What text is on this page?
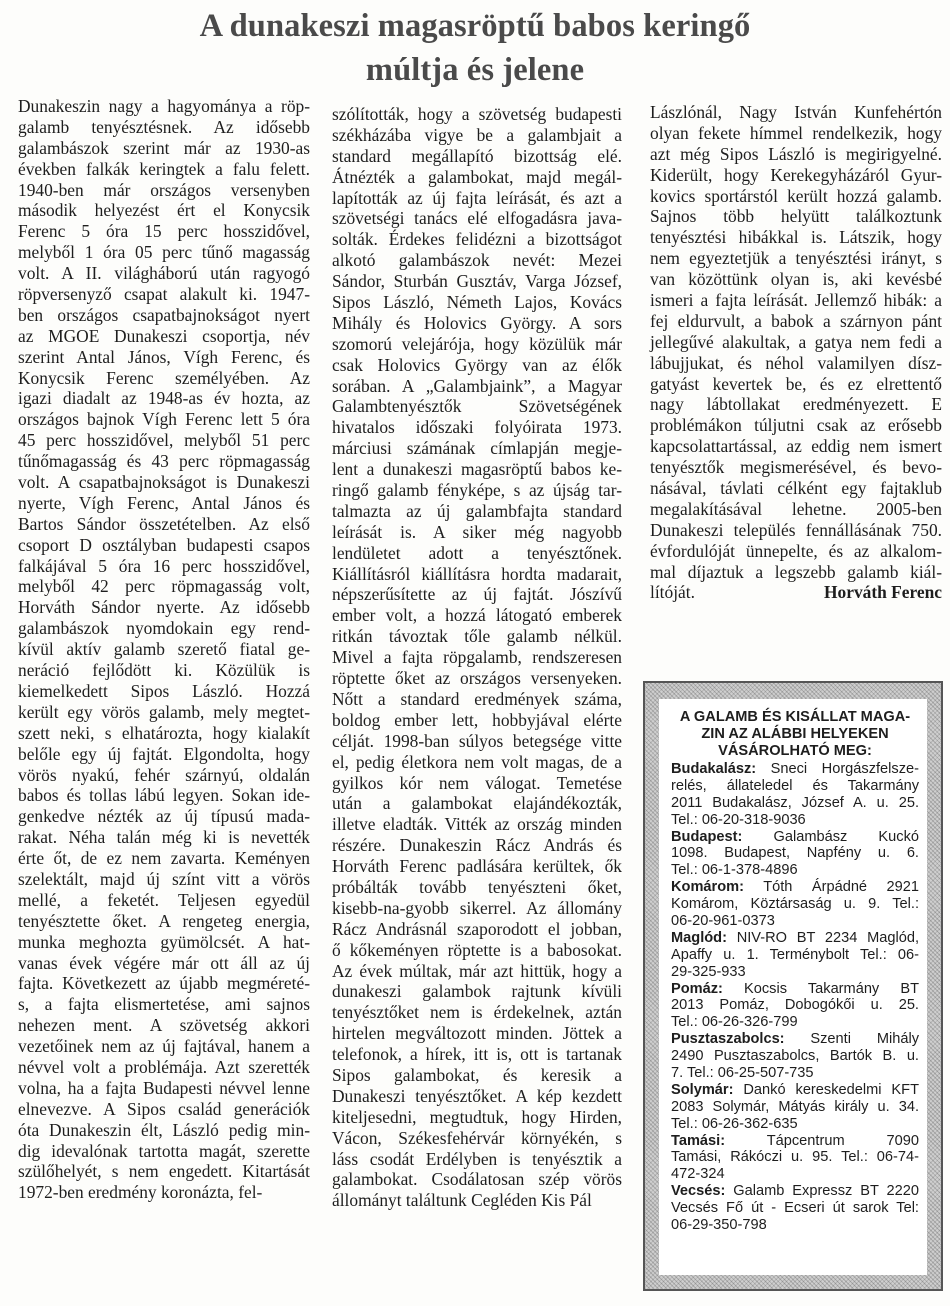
A dunakeszi magasröptű babos keringő
múltja és jelene
Dunakeszin nagy a hagyománya a röp-
galamb tenyésztésnek. Az idősebb
galambászok szerint már az 1930-as
években falkák keringtek a falu felett.
1940-ben már országos versenyben
második helyezést ért el Konycsik
Ferenc 5 óra 15 perc hosszidővel,
melyből 1 óra 05 perc tűnő magasság
volt. A II. világháború után ragyogó
röpversenyző csapat alakult ki. 1947-
ben országos csapatbajnokságot nyert
az MGOE Dunakeszi csoportja, név
szerint Antal János, Vígh Ferenc, és
Konycsik Ferenc személyében. Az
igazi diadalt az 1948-as év hozta, az
országos bajnok Vígh Ferenc lett 5 óra
45 perc hosszidővel, melyből 51 perc
tűnőmagasság és 43 perc röpmagasság
volt. A csapatbajnokságot is Dunakeszi
nyerte, Vígh Ferenc, Antal János és
Bartos Sándor összetételben. Az első
csoport D osztályban budapesti csapos
falkájával 5 óra 16 perc hosszidővel,
melyből 42 perc röpmagasság volt,
Horváth Sándor nyerte. Az idősebb
galambászok nyomdokain egy rend-
kívül aktív galamb szerető fiatal ge-
neráció fejlődött ki. Közülük is
kiemelkedett Sipos László. Hozzá
került egy vörös galamb, mely megtet-
szett neki, s elhatározta, hogy kialakít
belőle egy új fajtát. Elgondolta, hogy
vörös nyakú, fehér szárnyú, oldalán
babos és tollas lábú legyen. Sokan ide-
genkedve nézték az új típusú mada-
rakat. Néha talán még ki is nevették
érte őt, de ez nem zavarta. Keményen
szelektált, majd új színt vitt a vörös
mellé, a feketét. Teljesen egyedül
tenyésztette őket. A rengeteg energia,
munka meghozta gyümölcsét. A hat-
vanas évek végére már ott áll az új
fajta. Következett az újabb megméreté-
s, a fajta elismertetése, ami sajnos
nehezen ment. A szövetség akkori
vezetőinek nem az új fajtával, hanem a
névvel volt a problémája. Azt szerették
volna, ha a fajta Budapesti névvel lenne
elnevezve. A Sipos család generációk
óta Dunakeszin élt, László pedig min-
dig idevalónak tartotta magát, szerette
szülőhelyét, s nem engedett. Kitartását
1972-ben eredmény koronázta, fel-
szólították, hogy a szövetség budapesti
székházába vigye be a galambjait a
standard megállapító bizottság elé.
Átnézték a galambokat, majd megál-
lapították az új fajta leírását, és azt a
szövetségi tanács elé elfogadásra java-
solták. Érdekes felidézni a bizottságot
alkotó galambászok nevét: Mezei
Sándor, Sturbán Gusztáv, Varga József,
Sipos László, Németh Lajos, Kovács
Mihály és Holovics György. A sors
szomorú velejárója, hogy közülük már
csak Holovics György van az élők
sorában. A „Galambjaink”, a Magyar
Galambtenyésztők Szövetségének
hivatalos időszaki folyóirata 1973.
márciusi számának címlapján megje-
lent a dunakeszi magasröptű babos ke-
ringő galamb fényképe, s az újság tar-
talmazta az új galambfajta standard
leírását is. A siker még nagyobb
lendületet adott a tenyésztőnek.
Kiállításról kiállításra hordta madarait,
népszerűsítette az új fajtát. Jószívű
ember volt, a hozzá látogató emberek
ritkán távoztak tőle galamb nélkül.
Mivel a fajta röpgalamb, rendszeresen
röptette őket az országos versenyeken.
Nőtt a standard eredmények száma,
boldog ember lett, hobbyjával elérte
célját. 1998-ban súlyos betegsége vitte
el, pedig életkora nem volt magas, de a
gyilkos kór nem válogat. Temetése
után a galambokat elajándékozták,
illetve eladták. Vitték az ország minden
részére. Dunakeszin Rácz András és
Horváth Ferenc padlására kerültek, ők
próbálták tovább tenyészteni őket,
kisebb-na-gyobb sikerrel. Az állomány
Rácz Andrásnál szaporodott el jobban,
ő kőkeményen röptette is a babosokat.
Az évek múltak, már azt hittük, hogy a
dunakeszi galambok rajtunk kívüli
tenyésztőket nem is érdekelnek, aztán
hirtelen megváltozott minden. Jöttek a
telefonok, a hírek, itt is, ott is tartanak
Sipos galambokat, és keresik a
Dunakeszi tenyésztőket. A kép kezdett
kiteljesedni, megtudtuk, hogy Hirden,
Vácon, Székesfehérvár környékén, s
láss csodát Erdélyben is tenyésztik a
galambokat. Csodálatosan szép vörös
állományt találtunk Cegléden Kis Pál
Lászlónál, Nagy István Kunfehértón
olyan fekete hímmel rendelkezik, hogy
azt még Sipos László is megirigyelné.
Kiderült, hogy Kerekegyházáról Gyur-
kovics sportárstól került hozzá galamb.
Sajnos több helyütt találkoztunk
tenyésztési hibákkal is. Látszik, hogy
nem egyeztetjük a tenyésztési irányt, s
van közöttünk olyan is, aki kevésbé
ismeri a fajta leírását. Jellemző hibák: a
fej eldurvult, a babok a szárnyon pánt
jellegűvé alakultak, a gatya nem fedi a
lábujjukat, és néhol valamilyen dísz-
gatyást kevertek be, és ez elrettentő
nagy lábtollakat eredményezett. E
problémákon túljutni csak az erősebb
kapcsolattartással, az eddig nem ismert
tenyésztők megismerésével, és bevo-
násával, távlati célként egy fajtaklub
megalakításával lehetne. 2005-ben
Dunakeszi település fennállásának 750.
évfordulóját ünnepelte, és az alkalom-
mal díjaztuk a legszebb galamb kiál-
lítóját.	Horváth Ferenc
A GALAMB ÉS KISÁLLAT MAGA-
ZIN AZ ALÁBBI HELYEKEN
VÁSÁROLHATÓ MEG:
Budakalász: Sneci Horgászfelsze-
relés, állateledel és Takarmány
2011 Budakalász, József A. u. 25.
Tel.: 06-20-318-9036
Budapest: Galambász Kuckó
1098. Budapest, Napfény u. 6.
Tel.: 06-1-378-4896
Komárom: Tóth Árpádné 2921
Komárom, Köztársaság u. 9. Tel.:
06-20-961-0373
Maglód: NIV-RO BT 2234 Maglód,
Apaffy u. 1. Terménybolt Tel.: 06-
29-325-933
Pomáz: Kocsis Takarmány BT
2013 Pomáz, Dobogókői u. 25.
Tel.: 06-26-326-799
Pusztaszabolcs: Szenti Mihály
2490 Pusztaszabolcs, Bartók B. u.
7. Tel.: 06-25-507-735
Solymár: Dankó kereskedelmi KFT
2083 Solymár, Mátyás király u. 34.
Tel.: 06-26-362-635
Tamási: Tápcentrum 7090
Tamási, Rákóczi u. 95. Tel.: 06-74-
472-324
Vecsés: Galamb Expressz BT 2220
Vecsés Fő út - Ecseri út sarok Tel:
06-29-350-798
